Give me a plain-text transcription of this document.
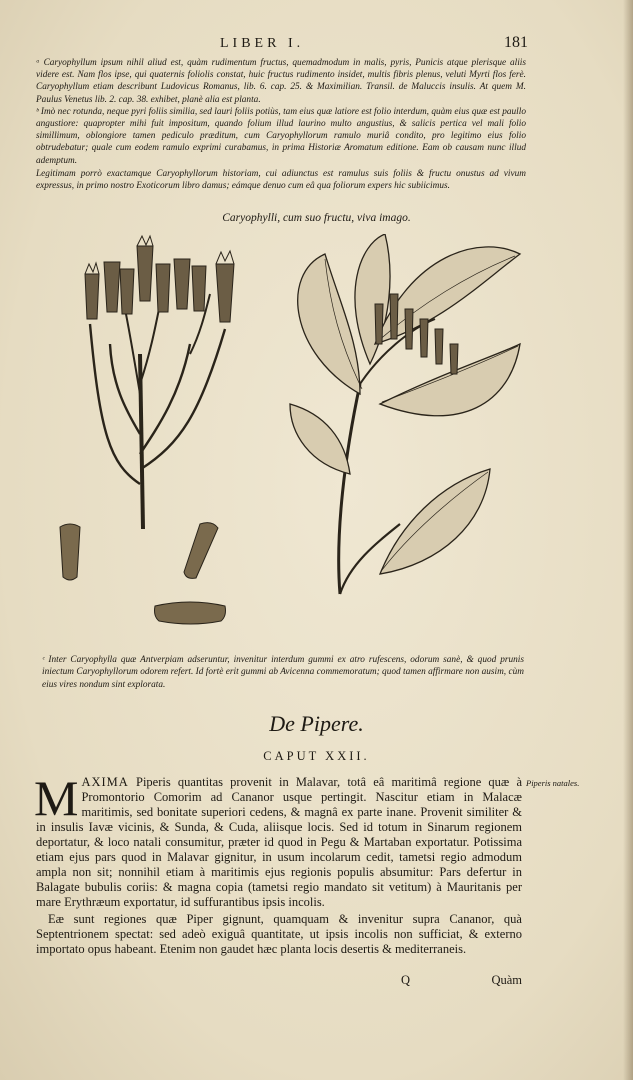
LIBER I.	181

ᵃ Caryophyllum ipsum nihil aliud est, quàm rudimentum fructus, quemadmodum in malis, pyris, Punicis atque plerisque aliis videre est. Nam flos ipse, qui quaternis foliolis constat, huic fructus rudimento insidet, multis fibris plenus, veluti Myrti flos ferè. Caryophyllum etiam describunt Ludovicus Romanus, lib. 6. cap. 25. & Maximilian. Transil. de Maluccis insulis. At quem M. Paulus Venetus lib. 2. cap. 38. exhibet, planè alia est planta.

ᵇ Imò nec rotunda, neque pyri foliis similia, sed lauri foliis potiùs, tam eius quæ latiore est folio interdum, quàm eius quæ est paullo angustiore: quapropter mihi fuit impositum, quando folium illud laurino multo angustius, & salicis pertica vel mali folio simillimum, oblongiore tamen pediculo præditum, cum Caryophyllorum ramulo muriâ condito, pro legitimo eius folio obtrudebatur; quale cum eodem ramulo exprimi curabamus, in prima Historiæ Aromatum editione. Eam ob causam nunc illud ademptum.

Legitimam porrò exactamque Caryophyllorum historiam, cui adiunctus est ramulus suis foliis & fructu onustus ad vivum expressus, in primo nostro Exoticorum libro damus; eámque denuo cum eâ qua foliorum expers hic subiicimus.

Caryophylli, cum suo fructu, viva imago.
ᶜ Inter Caryophylla quæ Antverpiam adseruntur, invenitur interdum gummi ex atro rufescens, odorum sanè, & quod prunis iniectum Caryophyllorum odorem refert. Id fortè erit gummi ab Avicenna commemoratum; quod tamen affirmare non ausim, cùm eius vires nondum sint explorata.
De Pipere.
CAPUT XXII.

MAXIMA Piperis quantitas provenit in Malavar, totâ eâ maritimâ regione quæ à Promontorio Comorim ad Cananor usque pertingit. Nascitur etiam in Malacæ maritimis, sed bonitate superiori cedens, & magnâ ex parte inane. Provenit similiter & in insulis Iavæ vicinis, & Sunda, & Cuda, aliisque locis. Sed id totum in Sinarum regionem deportatur, & loco natali consumitur, præter id quod in Pegu & Martaban exportatur. Potissima etiam ejus pars quod in Malavar gignitur, in usum incolarum cedit, tametsi regio admodum ampla non sit; nonnihil etiam à maritimis ejus regionis populis absumitur: Pars defertur in Balagate bubulis coriis: & magna copia (tametsi regio mandato sit vetitum) à Mauritanis per mare Erythræum exportatur, id suffurantibus ipsis incolis.

Eæ sunt regiones quæ Piper gignunt, quamquam & invenitur supra Cananor, quà Septentrionem spectat: sed adeò exiguâ quantitate, ut ipsis incolis non sufficiat, & externo importato opus habeant. Etenim non gaudet hæc planta locis desertis & mediterraneis.

Piperis natales.
Q	Quàm
